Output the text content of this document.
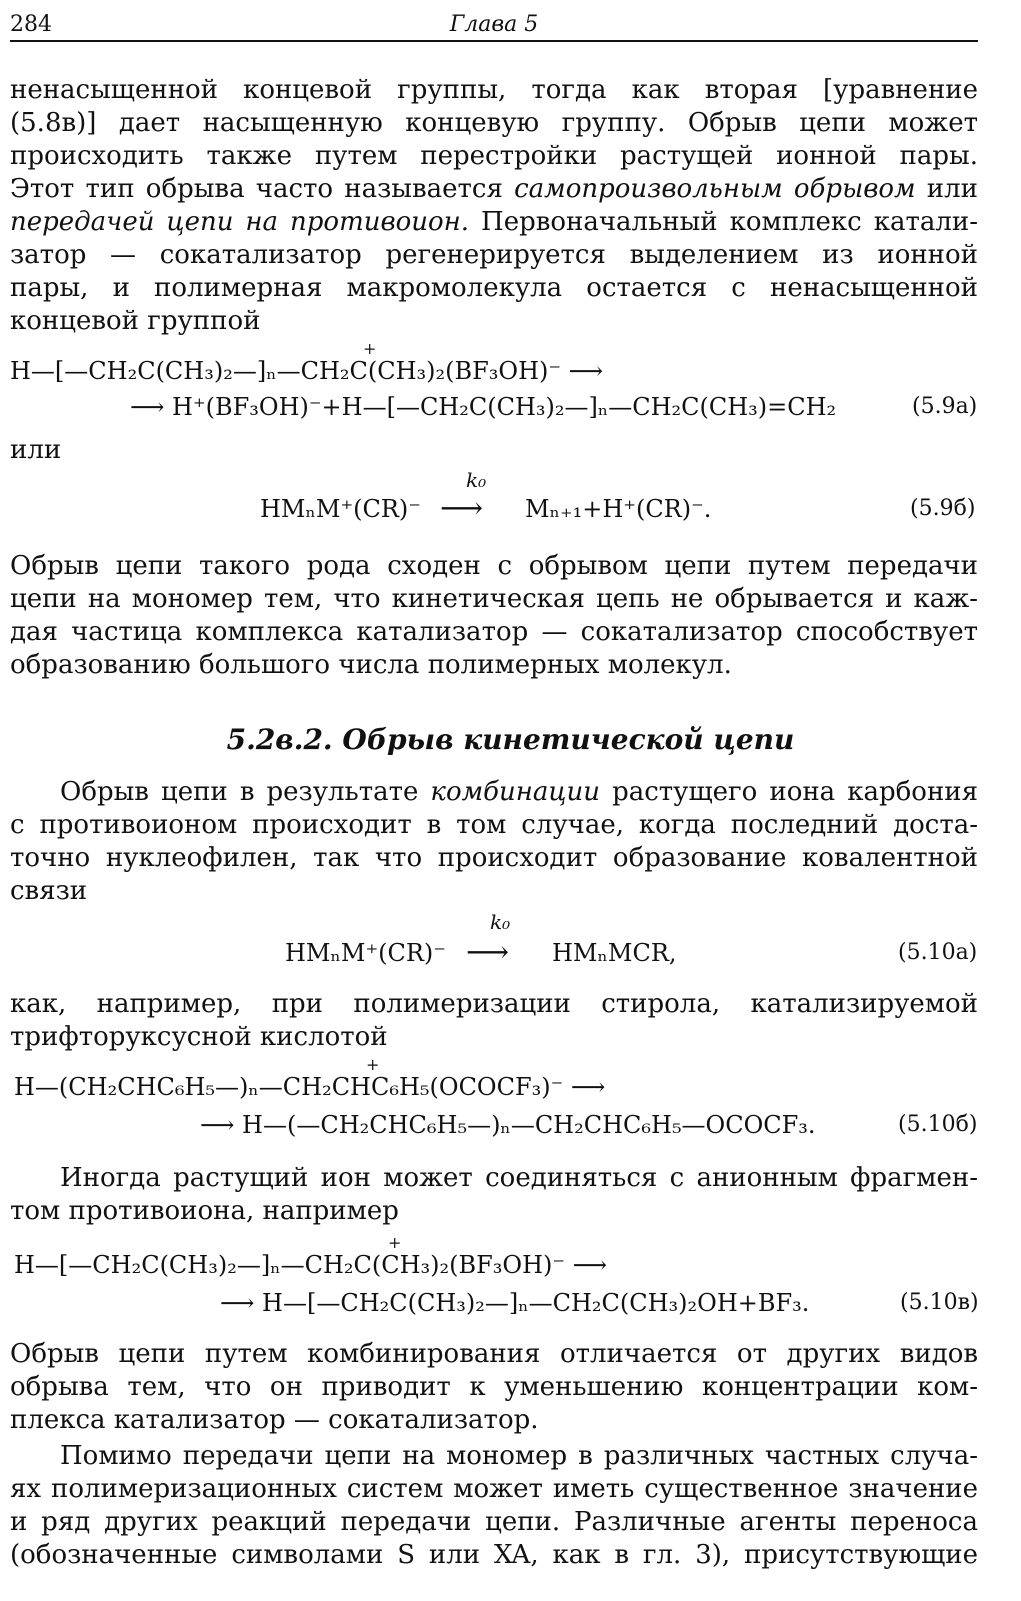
284	Глава 5
ненасыщенной концевой группы, тогда как вторая [уравнение
(5.8в)] дает насыщенную концевую группу. Обрыв цепи может
происходить также путем перестройки растущей ионной пары.
Этот тип обрыва часто называется самопроизвольным обрывом или
передачей цепи на противоион. Первоначальный комплекс катали-
затор — сокатализатор регенерируется выделением из ионной
пары, и полимерная макромолекула остается с ненасыщенной
концевой группой
H—[—CH₂C(CH₃)₂—]ₙ—CH₂C(CH₃)₂(BF₃OH)⁻ ⟶
+
⟶ H⁺(BF₃OH)⁻+H—[—CH₂C(CH₃)₂—]ₙ—CH₂C(CH₃)=CH₂	(5.9а)
или
k₀
HMₙM⁺(CR)⁻ ⟶ Mₙ₊₁+H⁺(CR)⁻.	(5.9б)
Обрыв цепи такого рода сходен с обрывом цепи путем передачи
цепи на мономер тем, что кинетическая цепь не обрывается и каж-
дая частица комплекса катализатор — сокатализатор способствует
образованию большого числа полимерных молекул.
5.2в.2. Обрыв кинетической цепи
Обрыв цепи в результате комбинации растущего иона карбония
с противоионом происходит в том случае, когда последний доста-
точно нуклеофилен, так что происходит образование ковалентной
связи
k₀
HMₙM⁺(CR)⁻ ⟶ HMₙMCR,	(5.10а)
как, например, при полимеризации стирола, катализируемой
трифторуксусной кислотой
H—(CH₂CHC₆H₅—)ₙ—CH₂CHC₆H₅(OCOCF₃)⁻ ⟶
+
⟶ H—(—CH₂CHC₆H₅—)ₙ—CH₂CHC₆H₅—OCOCF₃.	(5.10б)
Иногда растущий ион может соединяться с анионным фрагмен-
том противоиона, например
H—[—CH₂C(CH₃)₂—]ₙ—CH₂C(CH₃)₂(BF₃OH)⁻ ⟶
+
⟶ H—[—CH₂C(CH₃)₂—]ₙ—CH₂C(CH₃)₂OH+BF₃.	(5.10в)
Обрыв цепи путем комбинирования отличается от других видов
обрыва тем, что он приводит к уменьшению концентрации ком-
плекса катализатор — сокатализатор.
Помимо передачи цепи на мономер в различных частных случа-
ях полимеризационных систем может иметь существенное значение
и ряд других реакций передачи цепи. Различные агенты переноса
(обозначенные символами S или XA, как в гл. 3), присутствующие
